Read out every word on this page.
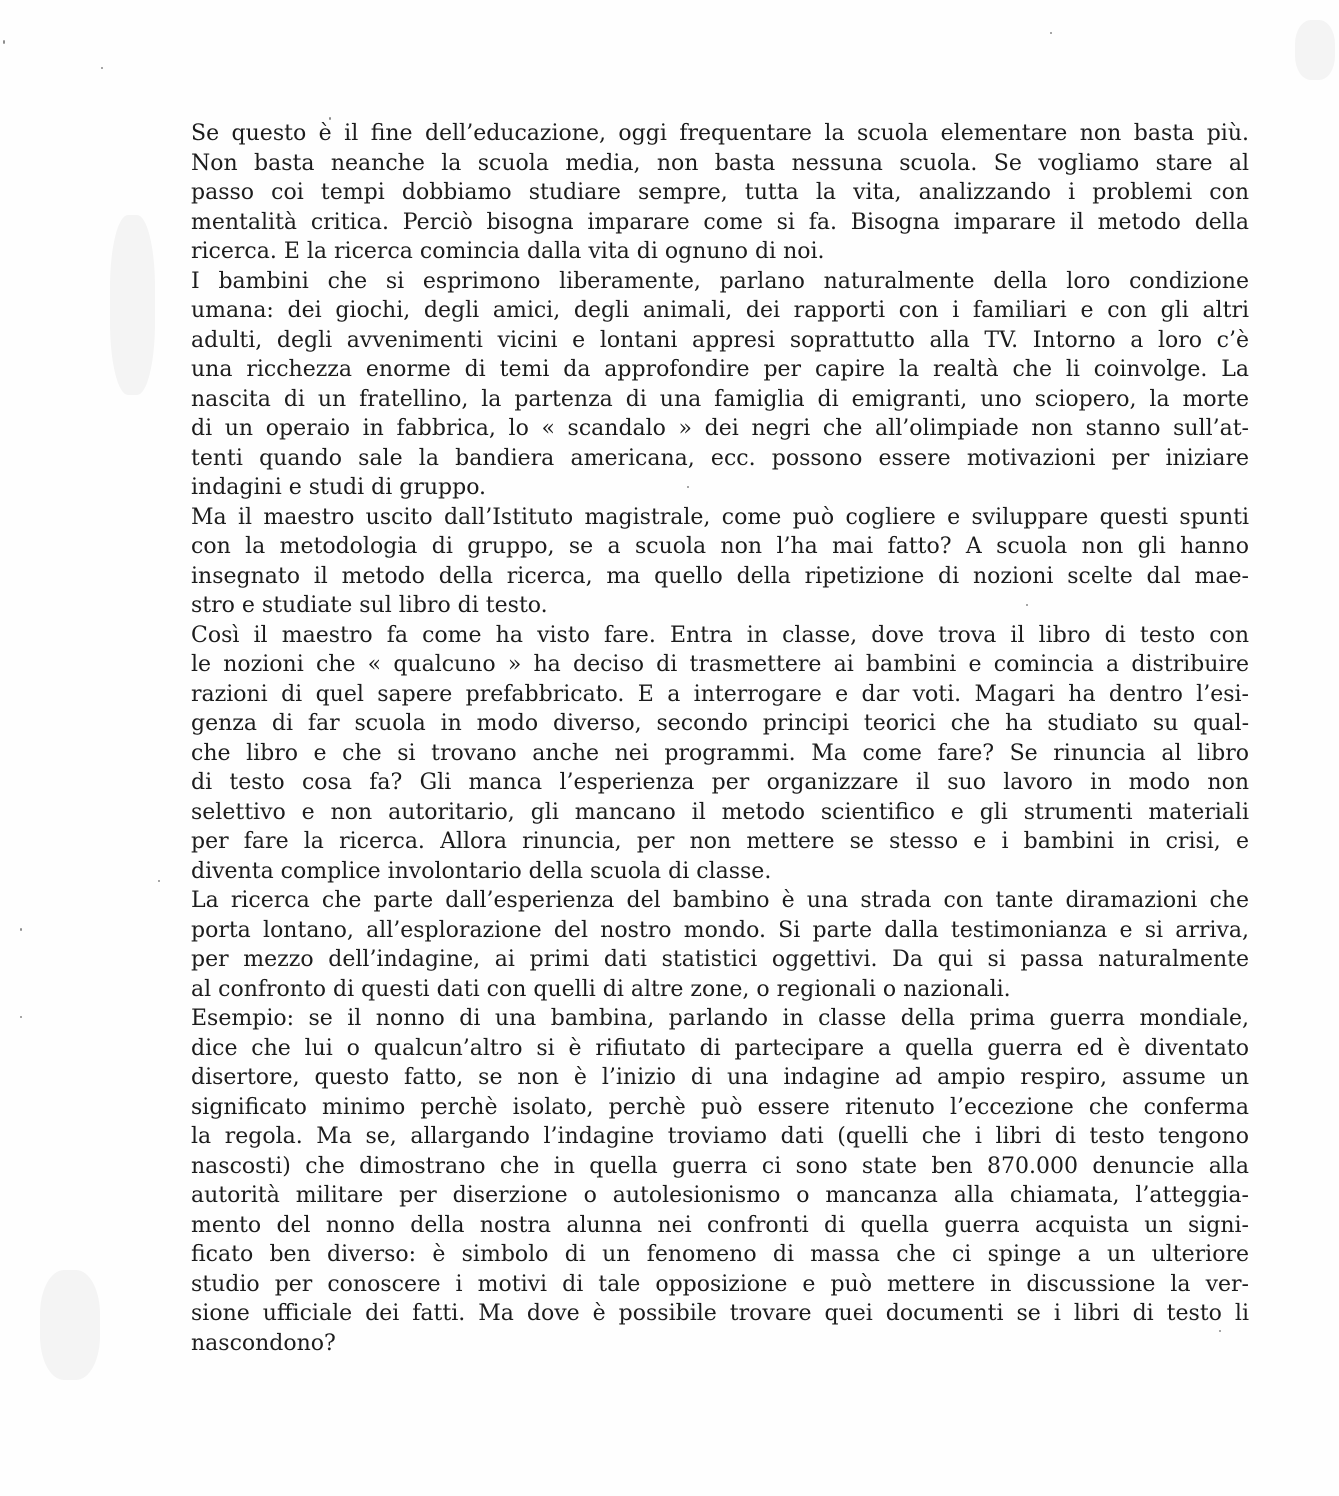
Se questo è il fine dell’educazione, oggi frequentare la scuola elementare non basta più.
Non basta neanche la scuola media, non basta nessuna scuola. Se vogliamo stare al
passo coi tempi dobbiamo studiare sempre, tutta la vita, analizzando i problemi con
mentalità critica. Perciò bisogna imparare come si fa. Bisogna imparare il metodo della
ricerca. E la ricerca comincia dalla vita di ognuno di noi.
I bambini che si esprimono liberamente, parlano naturalmente della loro condizione
umana: dei giochi, degli amici, degli animali, dei rapporti con i familiari e con gli altri
adulti, degli avvenimenti vicini e lontani appresi soprattutto alla TV. Intorno a loro c’è
una ricchezza enorme di temi da approfondire per capire la realtà che li coinvolge. La
nascita di un fratellino, la partenza di una famiglia di emigranti, uno sciopero, la morte
di un operaio in fabbrica, lo « scandalo » dei negri che all’olimpiade non stanno sull’at-
tenti quando sale la bandiera americana, ecc. possono essere motivazioni per iniziare
indagini e studi di gruppo.
Ma il maestro uscito dall’Istituto magistrale, come può cogliere e sviluppare questi spunti
con la metodologia di gruppo, se a scuola non l’ha mai fatto? A scuola non gli hanno
insegnato il metodo della ricerca, ma quello della ripetizione di nozioni scelte dal mae-
stro e studiate sul libro di testo.
Così il maestro fa come ha visto fare. Entra in classe, dove trova il libro di testo con
le nozioni che « qualcuno » ha deciso di trasmettere ai bambini e comincia a distribuire
razioni di quel sapere prefabbricato. E a interrogare e dar voti. Magari ha dentro l’esi-
genza di far scuola in modo diverso, secondo principi teorici che ha studiato su qual-
che libro e che si trovano anche nei programmi. Ma come fare? Se rinuncia al libro
di testo cosa fa? Gli manca l’esperienza per organizzare il suo lavoro in modo non
selettivo e non autoritario, gli mancano il metodo scientifico e gli strumenti materiali
per fare la ricerca. Allora rinuncia, per non mettere se stesso e i bambini in crisi, e
diventa complice involontario della scuola di classe.
La ricerca che parte dall’esperienza del bambino è una strada con tante diramazioni che
porta lontano, all’esplorazione del nostro mondo. Si parte dalla testimonianza e si arriva,
per mezzo dell’indagine, ai primi dati statistici oggettivi. Da qui si passa naturalmente
al confronto di questi dati con quelli di altre zone, o regionali o nazionali.
Esempio: se il nonno di una bambina, parlando in classe della prima guerra mondiale,
dice che lui o qualcun’altro si è rifiutato di partecipare a quella guerra ed è diventato
disertore, questo fatto, se non è l’inizio di una indagine ad ampio respiro, assume un
significato minimo perchè isolato, perchè può essere ritenuto l’eccezione che conferma
la regola. Ma se, allargando l’indagine troviamo dati (quelli che i libri di testo tengono
nascosti) che dimostrano che in quella guerra ci sono state ben 870.000 denuncie alla
autorità militare per diserzione o autolesionismo o mancanza alla chiamata, l’atteggia-
mento del nonno della nostra alunna nei confronti di quella guerra acquista un signi-
ficato ben diverso: è simbolo di un fenomeno di massa che ci spinge a un ulteriore
studio per conoscere i motivi di tale opposizione e può mettere in discussione la ver-
sione ufficiale dei fatti. Ma dove è possibile trovare quei documenti se i libri di testo li
nascondono?
